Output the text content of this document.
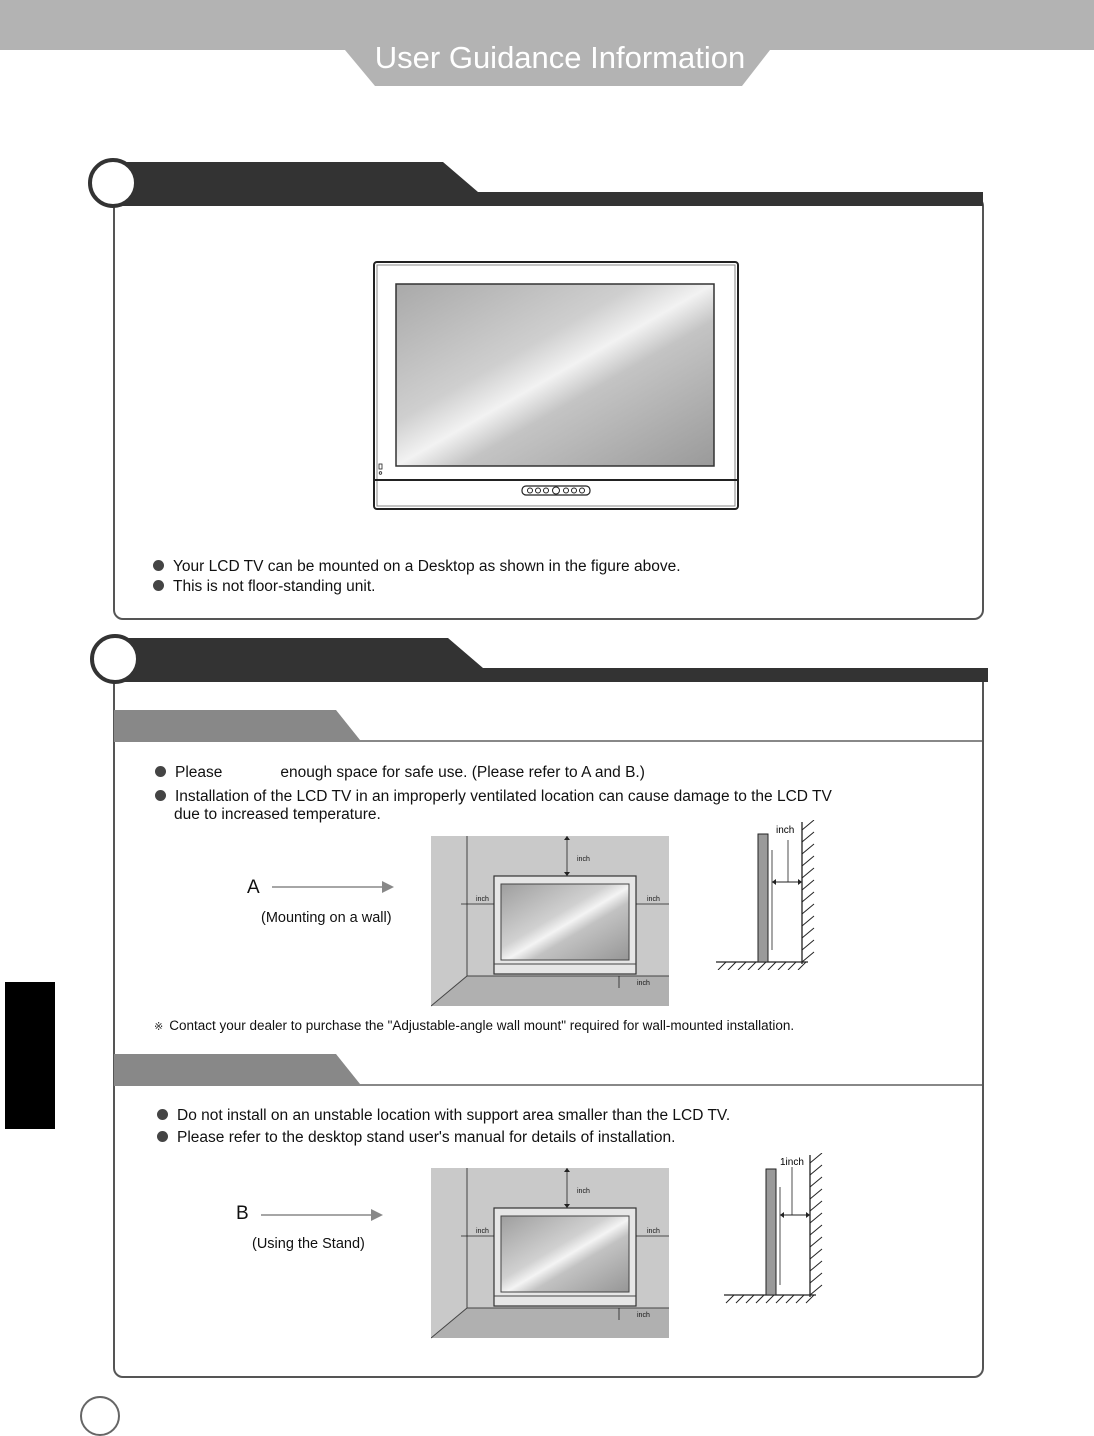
User Guidance Information
Your LCD TV can be mounted on a Desktop as shown in the figure above.
This is not floor-standing unit.
Please	enough space for safe use. (Please refer to A and B.)
Installation of the LCD TV in an improperly ventilated location can cause damage to the LCD TV
due to increased temperature.
A
(Mounting on a wall)
inch
inch	inch
inch
inch
※ Contact your dealer to purchase the "Adjustable-angle wall mount" required for wall-mounted installation.
Do not install on an unstable location with support area smaller than the LCD TV.
Please refer to the desktop stand user's manual for details of installation.
B
(Using the Stand)
inch
inch	inch
inch
1inch
